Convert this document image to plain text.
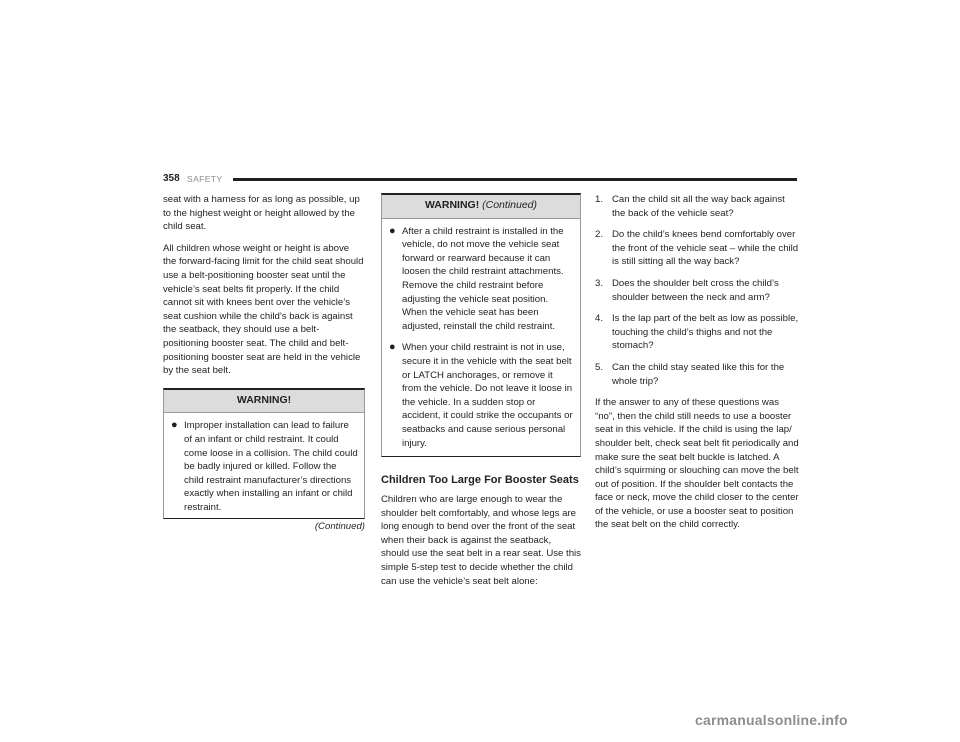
358 SAFETY

seat with a harness for as long as possible, up to the highest weight or height allowed by the child seat.

All children whose weight or height is above the forward-facing limit for the child seat should use a belt-positioning booster seat until the vehicle’s seat belts fit properly. If the child cannot sit with knees bent over the vehicle’s seat cushion while the child’s back is against the seatback, they should use a belt-positioning booster seat. The child and belt-positioning booster seat are held in the vehicle by the seat belt.

WARNING!
● Improper installation can lead to failure of an infant or child restraint. It could come loose in a collision. The child could be badly injured or killed. Follow the child restraint manufacturer’s directions exactly when installing an infant or child restraint.
(Continued)
WARNING! (Continued)
● After a child restraint is installed in the vehicle, do not move the vehicle seat forward or rearward because it can loosen the child restraint attachments. Remove the child restraint before adjusting the vehicle seat position. When the vehicle seat has been adjusted, reinstall the child restraint.
● When your child restraint is not in use, secure it in the vehicle with the seat belt or LATCH anchorages, or remove it from the vehicle. Do not leave it loose in the vehicle. In a sudden stop or accident, it could strike the occupants or seatbacks and cause serious personal injury.
Children Too Large For Booster Seats

Children who are large enough to wear the shoulder belt comfortably, and whose legs are long enough to bend over the front of the seat when their back is against the seatback, should use the seat belt in a rear seat. Use this simple 5-step test to decide whether the child can use the vehicle’s seat belt alone:

1. Can the child sit all the way back against the back of the vehicle seat?
2. Do the child’s knees bend comfortably over the front of the vehicle seat – while the child is still sitting all the way back?
3. Does the shoulder belt cross the child’s shoulder between the neck and arm?
4. Is the lap part of the belt as low as possible, touching the child’s thighs and not the stomach?
5. Can the child stay seated like this for the whole trip?

If the answer to any of these questions was “no”, then the child still needs to use a booster seat in this vehicle. If the child is using the lap/ shoulder belt, check seat belt fit periodically and make sure the seat belt buckle is latched. A child’s squirming or slouching can move the belt out of position. If the shoulder belt contacts the face or neck, move the child closer to the center of the vehicle, or use a booster seat to position the seat belt on the child correctly.

carmanualsonline.info
